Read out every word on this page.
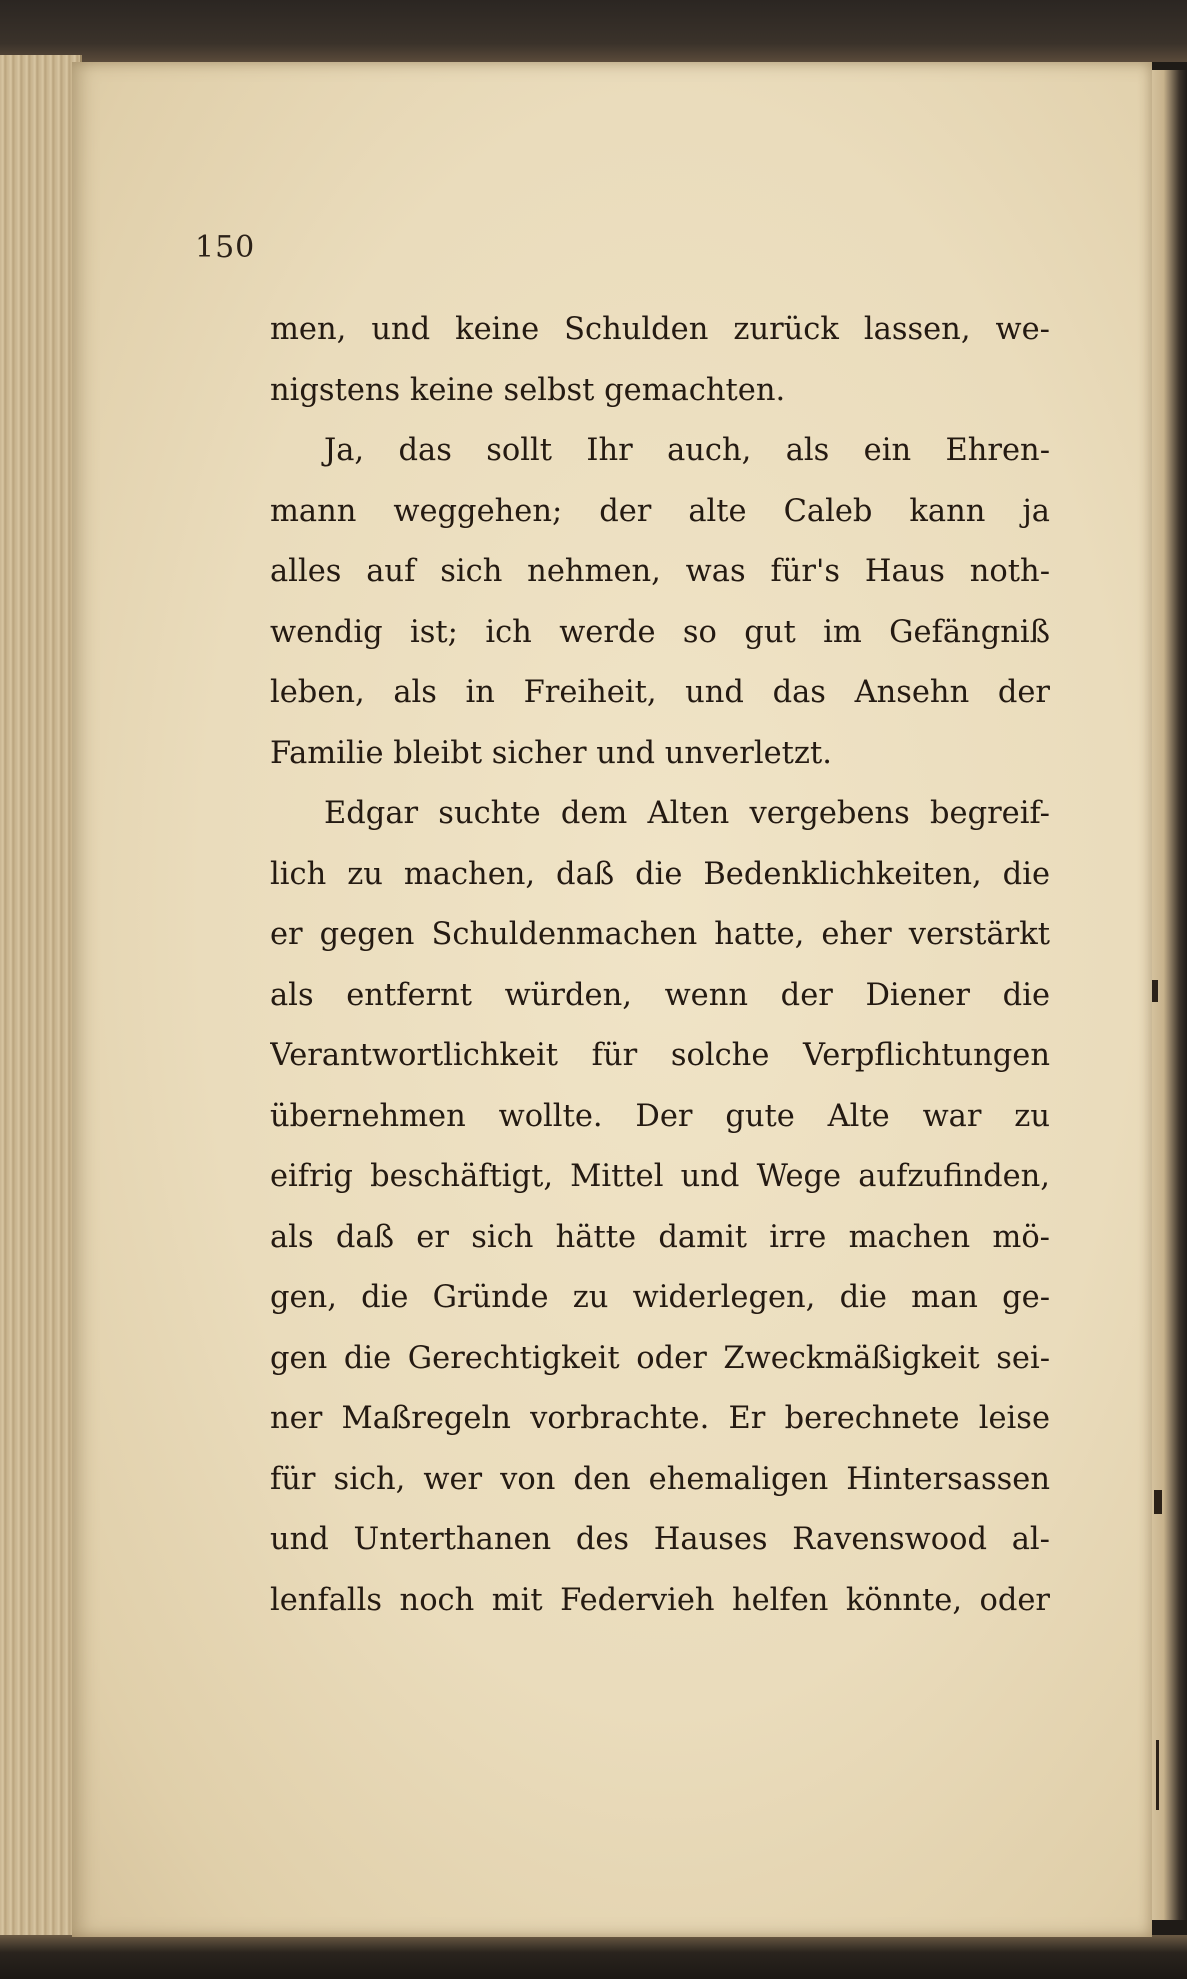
150

men, und keine Schulden zurück lassen, we-
nigstens keine selbst gemachten.

Ja, das sollt Ihr auch, als ein Ehren-
mann weggehen; der alte Caleb kann ja
alles auf sich nehmen, was für's Haus noth-
wendig ist; ich werde so gut im Gefängniß
leben, als in Freiheit, und das Ansehn der
Familie bleibt sicher und unverletzt.

Edgar suchte dem Alten vergebens begreif-
lich zu machen, daß die Bedenklichkeiten, die
er gegen Schuldenmachen hatte, eher verstärkt
als entfernt würden, wenn der Diener die
Verantwortlichkeit für solche Verpflichtungen
übernehmen wollte. Der gute Alte war zu
eifrig beschäftigt, Mittel und Wege aufzufinden,
als daß er sich hätte damit irre machen mö-
gen, die Gründe zu widerlegen, die man ge-
gen die Gerechtigkeit oder Zweckmäßigkeit sei-
ner Maßregeln vorbrachte. Er berechnete leise
für sich, wer von den ehemaligen Hintersassen
und Unterthanen des Hauses Ravenswood al-
lenfalls noch mit Federvieh helfen könnte, oder
